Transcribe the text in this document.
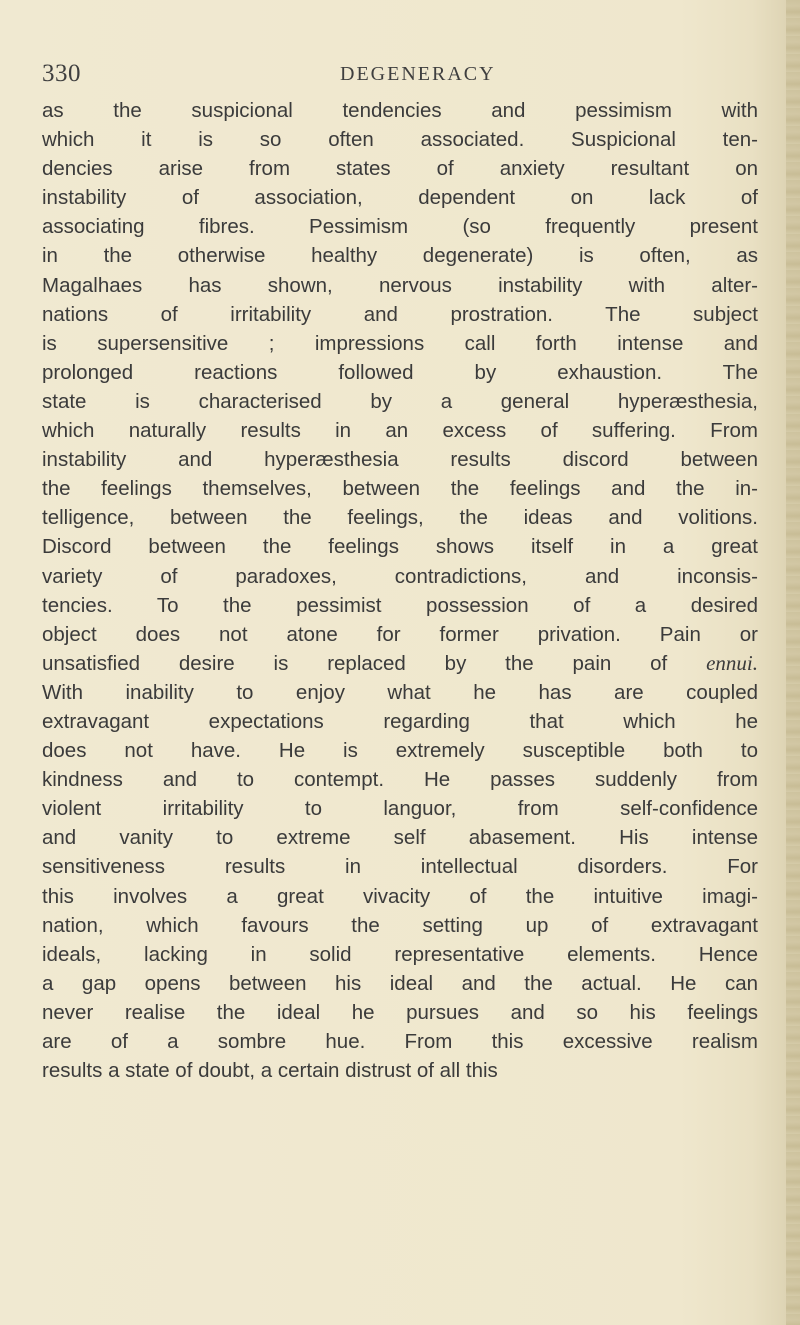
330	DEGENERACY
as the suspicional tendencies and pessimism with
which it is so often associated. Suspicional ten-
dencies arise from states of anxiety resultant on
instability of association, dependent on lack of
associating fibres. Pessimism (so frequently present
in the otherwise healthy degenerate) is often, as
Magalhaes has shown, nervous instability with alter-
nations of irritability and prostration. The subject
is supersensitive ; impressions call forth intense and
prolonged reactions followed by exhaustion. The
state is characterised by a general hyperæsthesia,
which naturally results in an excess of suffering. From
instability and hyperæsthesia results discord between
the feelings themselves, between the feelings and the in-
telligence, between the feelings, the ideas and volitions.
Discord between the feelings shows itself in a great
variety of paradoxes, contradictions, and inconsis-
tencies. To the pessimist possession of a desired
object does not atone for former privation. Pain or
unsatisfied desire is replaced by the pain of ennui.
With inability to enjoy what he has are coupled
extravagant expectations regarding that which he
does not have. He is extremely susceptible both to
kindness and to contempt. He passes suddenly from
violent irritability to languor, from self-confidence
and vanity to extreme self abasement. His intense
sensitiveness results in intellectual disorders. For
this involves a great vivacity of the intuitive imagi-
nation, which favours the setting up of extravagant
ideals, lacking in solid representative elements. Hence
a gap opens between his ideal and the actual. He can
never realise the ideal he pursues and so his feelings
are of a sombre hue. From this excessive realism
results a state of doubt, a certain distrust of all this
